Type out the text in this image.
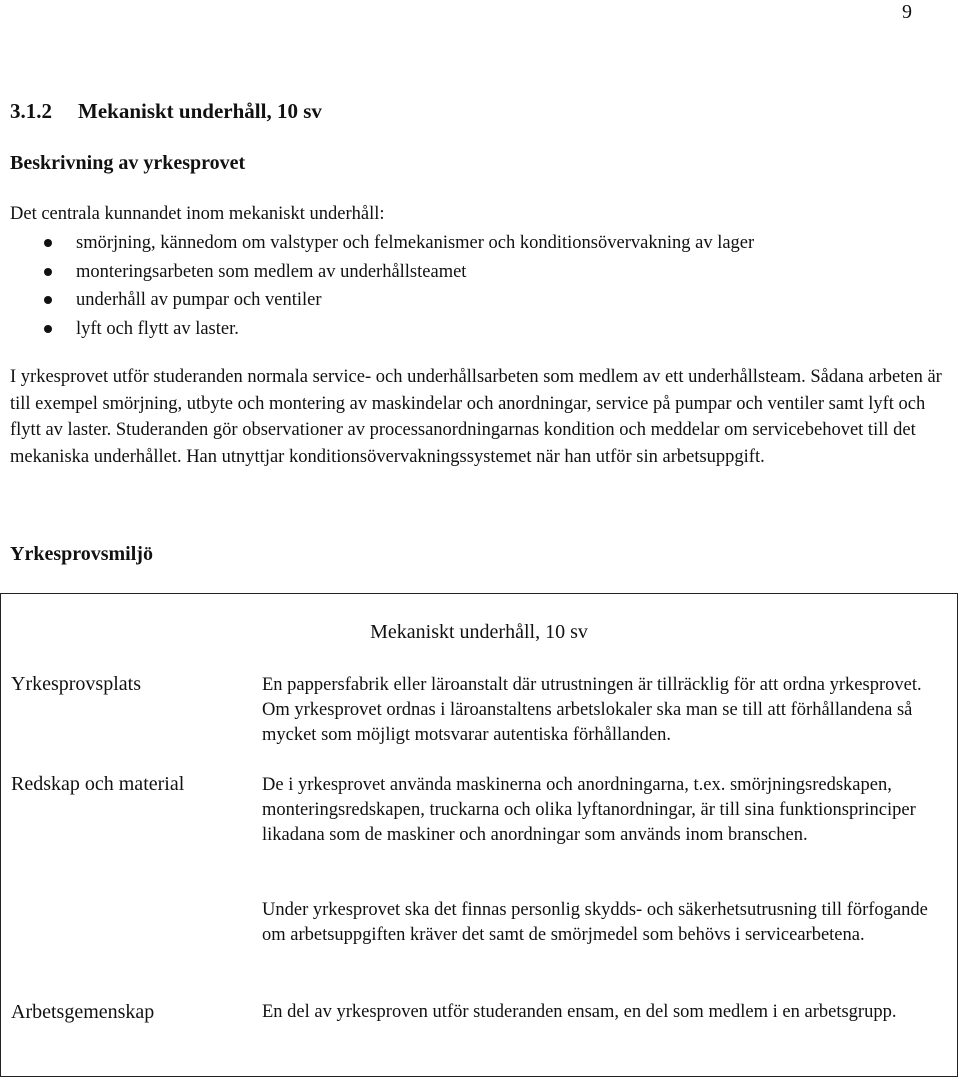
9
3.1.2 Mekaniskt underhåll, 10 sv
Beskrivning av yrkesprovet

Det centrala kunnandet inom mekaniskt underhåll:

smörjning, kännedom om valstyper och felmekanismer och konditionsövervakning av lager
monteringsarbeten som medlem av underhållsteamet
underhåll av pumpar och ventiler
lyft och flytt av laster.

I yrkesprovet utför studeranden normala service- och underhållsarbeten som medlem av ett underhållsteam. Sådana arbeten är till exempel smörjning, utbyte och montering av maskindelar och anordningar, service på pumpar och ventiler samt lyft och flytt av laster. Studeranden gör observationer av processanordningarnas kondition och meddelar om servicebehovet till det mekaniska underhållet. Han utnyttjar konditionsövervakningssystemet när han utför sin arbetsuppgift.

Yrkesprovsmiljö
Mekaniskt underhåll, 10 sv
Yrkesprovsplats	En pappersfabrik eller läroanstalt där utrustningen är tillräcklig för att ordna yrkesprovet. Om yrkesprovet ordnas i läroanstaltens arbetslokaler ska man se till att förhållandena så mycket som möjligt motsvarar autentiska förhållanden.
Redskap och material	De i yrkesprovet använda maskinerna och anordningarna, t.ex. smörjningsredskapen, monteringsredskapen, truckarna och olika lyftanordningar, är till sina funktionsprinciper likadana som de maskiner och anordningar som används inom branschen.
Under yrkesprovet ska det finnas personlig skydds- och säkerhetsutrusning till förfogande om arbetsuppgiften kräver det samt de smörjmedel som behövs i servicearbetena.
Arbetsgemenskap	En del av yrkesproven utför studeranden ensam, en del som medlem i en arbetsgrupp.
